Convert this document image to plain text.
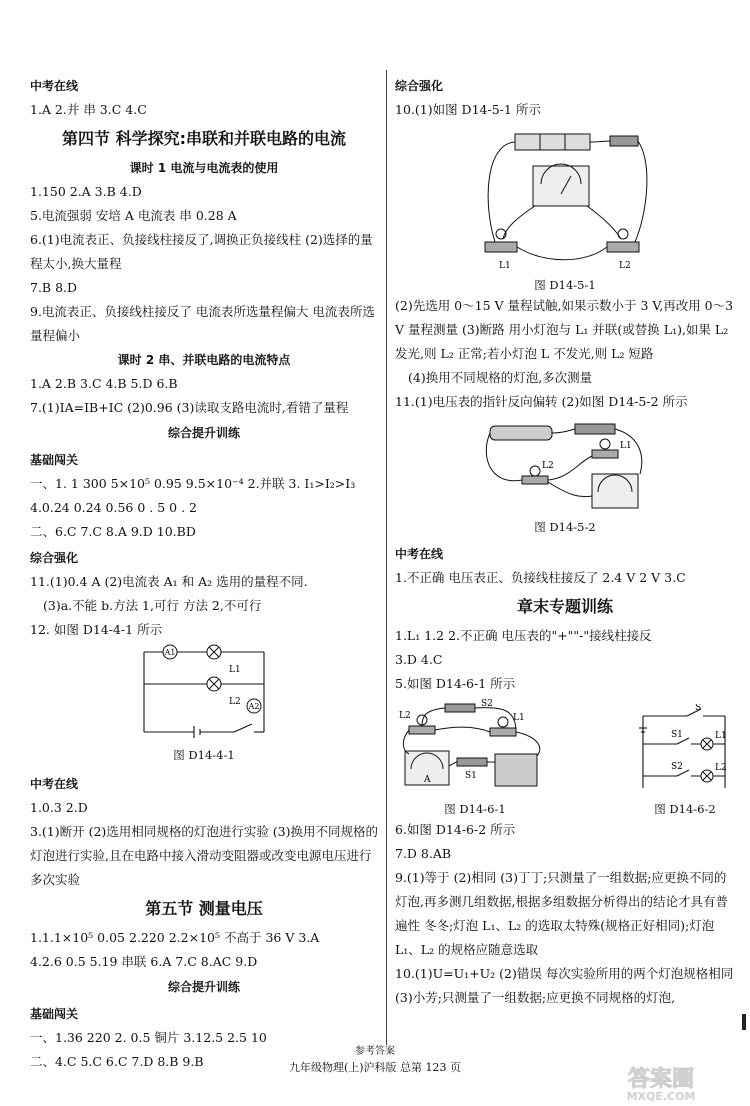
中考在线
1.A 2.并 串 3.C 4.C
第四节 科学探究:串联和并联电路的电流
课时 1 电流与电流表的使用
1.150 2.A 3.B 4.D
5.电流强弱 安培 A 电流表 串 0.28 A
6.(1)电流表正、负接线柱接反了,调换正负接线柱 (2)选择的量程太小,换大量程
7.B 8.D
9.电流表正、负接线柱接反了 电流表所选量程偏大 电流表所选量程偏小
课时 2 串、并联电路的电流特点
1.A 2.B 3.C 4.B 5.D 6.B
7.(1)IA=IB+IC (2)0.96 (3)读取支路电流时,看错了量程
综合提升训练
基础闯关
一、1. 1 300 5×10⁵ 0.95 9.5×10⁻⁴ 2.并联 3. I₁>I₂>I₃
4.0.24 0.24 0.56 0 . 5 0 . 2
二、6.C 7.C 8.A 9.D 10.BD
综合强化
11.(1)0.4 A (2)电流表 A₁ 和 A₂ 选用的量程不同.
(3)a.不能 b.方法 1,可行 方法 2,不可行
12. 如图 D14-4-1 所示
A1
L1
L2 A2
图 D14-4-1
中考在线
1.0.3 2.D
3.(1)断开 (2)选用相同规格的灯泡进行实验 (3)换用不同规格的灯泡进行实验,且在电路中接入滑动变阻器或改变电源电压进行多次实验
第五节 测量电压
1.1.1×10⁵ 0.05 2.220 2.2×10⁵ 不高于 36 V 3.A
4.2.6 0.5 5.19 串联 6.A 7.C 8.AC 9.D
综合提升训练
基础闯关
一、1.36 220 2. 0.5 铜片 3.12.5 2.5 10
二、4.C 5.C 6.C 7.D 8.B 9.B
综合强化
10.(1)如图 D14-5-1 所示
L1	L2
图 D14-5-1
(2)先选用 0～15 V 量程试触,如果示数小于 3 V,再改用 0～3 V 量程测量 (3)断路 用小灯泡与 L₁ 并联(或替换 L₁),如果 L₂ 发光,则 L₂ 正常;若小灯泡 L 不发光,则 L₂ 短路
(4)换用不同规格的灯泡,多次测量
11.(1)电压表的指针反向偏转 (2)如图 D14-5-2 所示
L1
L2
图 D14-5-2
中考在线
1.不正确 电压表正、负接线柱接反了 2.4 V 2 V 3.C
章末专题训练
1.L₁ 1.2 2.不正确 电压表的"+""-"接线柱接反
3.D 4.C
5.如图 D14-6-1 所示
S2
L2	L1
A	S1
图 D14-6-1
S
S1	L1
S2	L2
图 D14-6-2
6.如图 D14-6-2 所示
7.D 8.AB
9.(1)等于 (2)相同 (3)丁丁;只测量了一组数据;应更换不同的灯泡,再多测几组数据,根据多组数据分析得出的结论才具有普遍性 冬冬;灯泡 L₁、L₂ 的选取太特殊(规格正好相同);灯泡 L₁、L₂ 的规格应随意选取
10.(1)U=U₁+U₂ (2)错误 每次实验所用的两个灯泡规格相同 (3)小芳;只测量了一组数据;应更换不同规格的灯泡,
参考答案
九年级物理(上)沪科版 总第 123 页	答案圈
MXQE.COM
